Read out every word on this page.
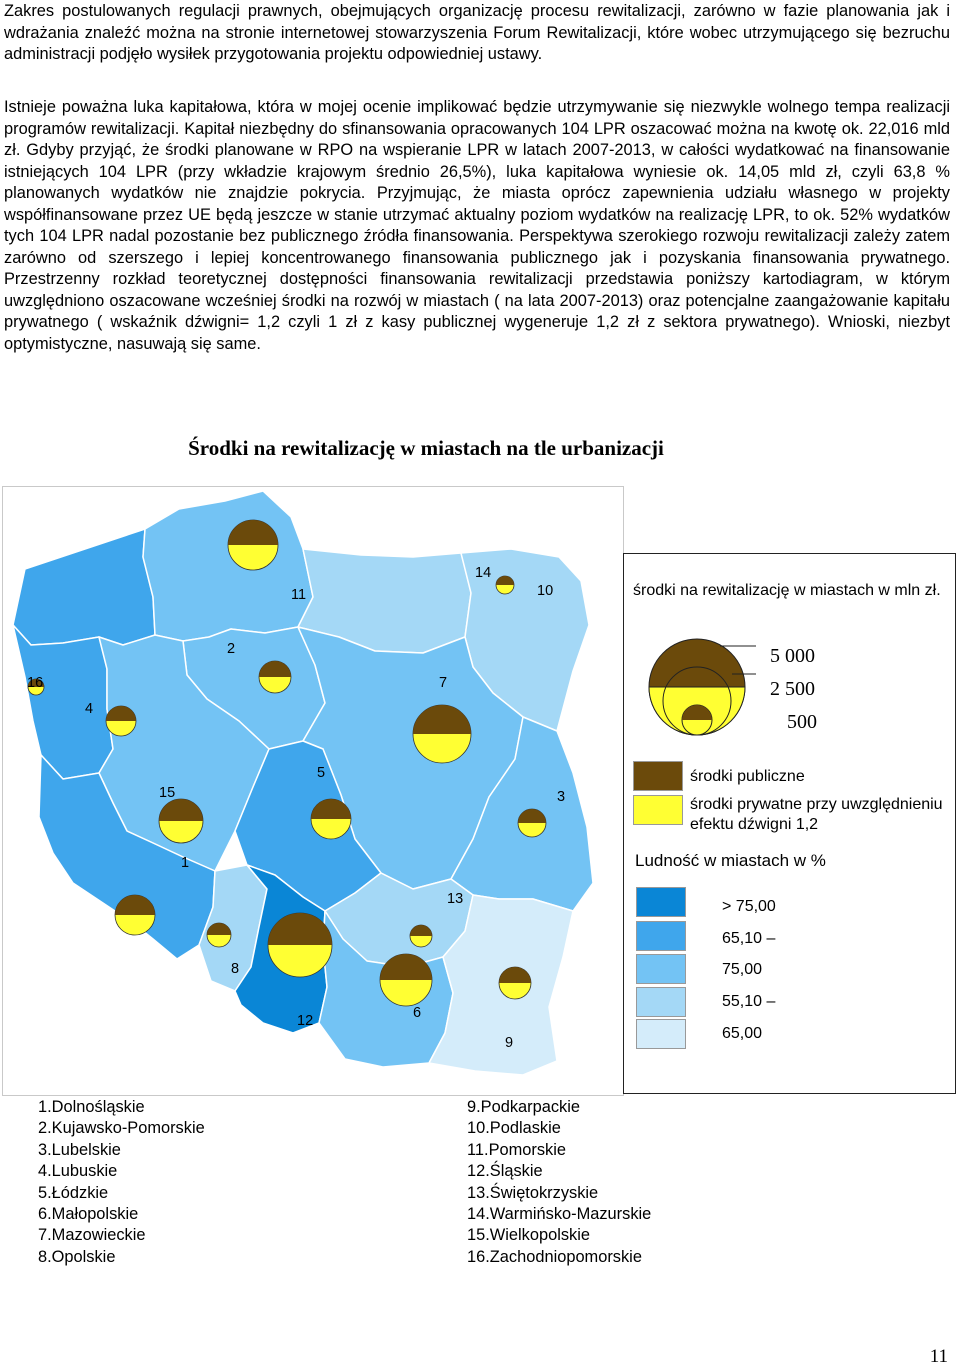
Zakres postulowanych regulacji prawnych, obejmujących organizację procesu rewitalizacji, zarówno w fazie planowania jak i wdrażania znaleźć można na stronie internetowej stowarzyszenia Forum Rewitalizacji, które wobec utrzymującego się bezruchu administracji podjęło wysiłek przygotowania projektu odpowiedniej ustawy.
Istnieje poważna luka kapitałowa, która w mojej ocenie implikować będzie utrzymywanie się niezwykle wolnego tempa realizacji programów rewitalizacji. Kapitał niezbędny do sfinansowania opracowanych 104 LPR oszacować można na kwotę ok. 22,016 mld zł. Gdyby przyjąć, że środki planowane w RPO na wspieranie LPR w latach 2007-2013, w całości wydatkować na finansowanie istniejących 104 LPR (przy wkładzie krajowym średnio 26,5%), luka kapitałowa wyniesie ok. 14,05 mld zł, czyli 63,8 % planowanych wydatków nie znajdzie pokrycia. Przyjmując, że miasta oprócz zapewnienia udziału własnego w projekty współfinansowane przez UE będą jeszcze w stanie utrzymać aktualny poziom wydatków na realizację LPR, to ok. 52% wydatków tych 104 LPR nadal pozostanie bez publicznego źródła finansowania. Perspektywa szerokiego rozwoju rewitalizacji zależy zatem zarówno od szerszego i lepiej koncentrowanego finansowania publicznego jak i pozyskania finansowania prywatnego. Przestrzenny rozkład teoretycznej dostępności finansowania rewitalizacji przedstawia poniższy kartodiagram, w którym uwzględniono oszacowane wcześniej środki na rozwój w miastach ( na lata 2007-2013) oraz potencjalne zaangażowanie kapitału prywatnego ( wskaźnik dźwigni= 1,2 czyli 1 zł z kasy publicznej wygeneruje 1,2 zł z sektora prywatnego). Wnioski, niezbyt optymistyczne, nasuwają się same.
Środki na rewitalizację w miastach na tle urbanizacji
16
11
14
10
2
4
7
5
15	3
1
13
8
6
12
9
środki na rewitalizację w miastach w mln zł.
5 000
2 500
500
środki publiczne
środki prywatne przy uwzględnieniu efektu dźwigni 1,2
Ludność w miastach w %
> 75,00
65,10 –
75,00
55,10 –
65,00
1.Dolnośląskie
2.Kujawsko-Pomorskie
3.Lubelskie
4.Lubuskie
5.Łódzkie
6.Małopolskie
7.Mazowieckie
8.Opolskie
9.Podkarpackie
10.Podlaskie
11.Pomorskie
12.Śląskie
13.Świętokrzyskie
14.Warmińsko-Mazurskie
15.Wielkopolskie
16.Zachodniopomorskie
11
